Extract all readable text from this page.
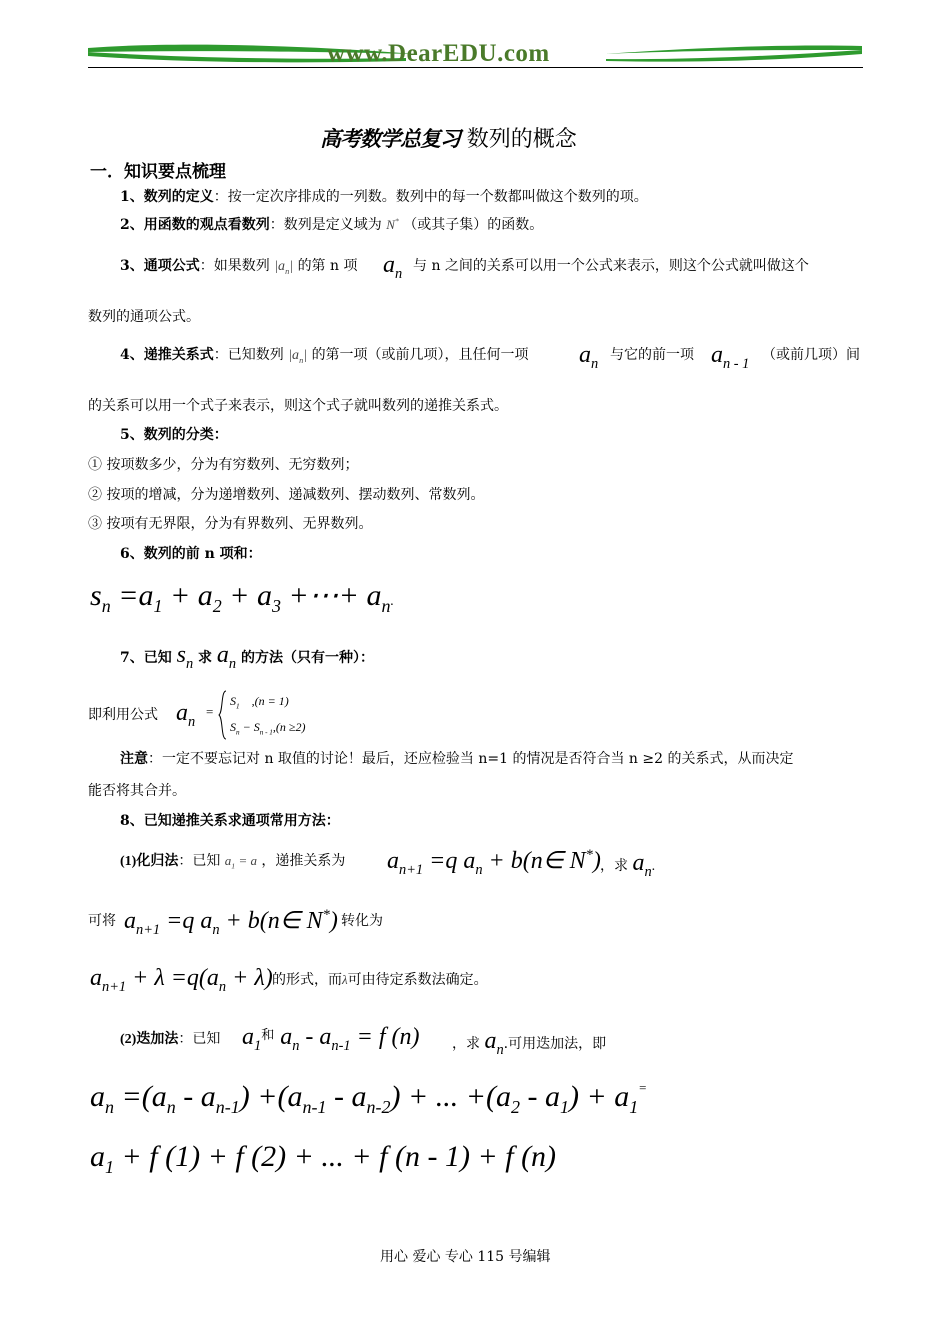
www.DearEDU.com
高考数学总复习 数列的概念
一．知识要点梳理
1、数列的定义：按一定次序排成的一列数。数列中的每一个数都叫做这个数列的项。
2、用函数的观点看数列：数列是定义域为 N* （或其子集）的函数。
3、通项公式：如果数列 $|a_n|$ 的第 n 项 $a_n$ 与 n 之间的关系可以用一个公式来表示，则这个公式就叫做这个
数列的通项公式。
4、递推关系式：已知数列 $|a_n|$ 的第一项（或前几项），且任何一项 $a_n$
与它的前一项 $a_{n - 1}$
（或前几项）间
的关系可以用一个式子来表示，则这个式子就叫数列的递推关系式。
5、数列的分类：
① 按项数多少，分为有穷数列、无穷数列；
② 按项的增减，分为递增数列、递减数列、摆动数列、常数列。
③ 按项有无界限，分为有界数列、无界数列。
6、数列的前 n 项和：
$s_n =a_1 + a_2 + a_3$ +⋯+ $a_n$.
7、已知 $s_n$ 求 $a_n$ 的方法（只有一种）：
即利用公式 $a_n$
=
$S_1$ ,(n = 1)
$S_n - S_{n - 1},(n \ge 2)$
注意：一定不要忘记对 n 取值的讨论！最后，还应检验当 n=1 的情况是否符合当 n ≥2 的关系式，从而决定
能否将其合并。
8、已知递推关系求通项常用方法：
(1)化归法：已知 $a_1 = a$ ，递推关系为 $a_{n+1} =q$ $a_n$ + b(n∈ N*) ，求 $a_n$.
可将 $a_{n+1} =q$ $a_n$ + b(n∈ N*) 转化为
$a_{n+1} + \lambda =q(a_n + \lambda)$ 的形式，而λ可由待定系数法确定。
(2)迭加法：已知 $a_1^和$ $a_n - a_{n-1} = f$ (n) ，求 $a_n$.可用迭加法，即
$a_n =(a_n - a_{n-1}) +(a_{n-1} - a_{n-2})$ + ... $+(a_2 - a_1) + a_1^=$
$a_1 + f$ (1) + f (2) + ... + f (n - 1) + f (n)
用心 爱心 专心 115 号编辑
